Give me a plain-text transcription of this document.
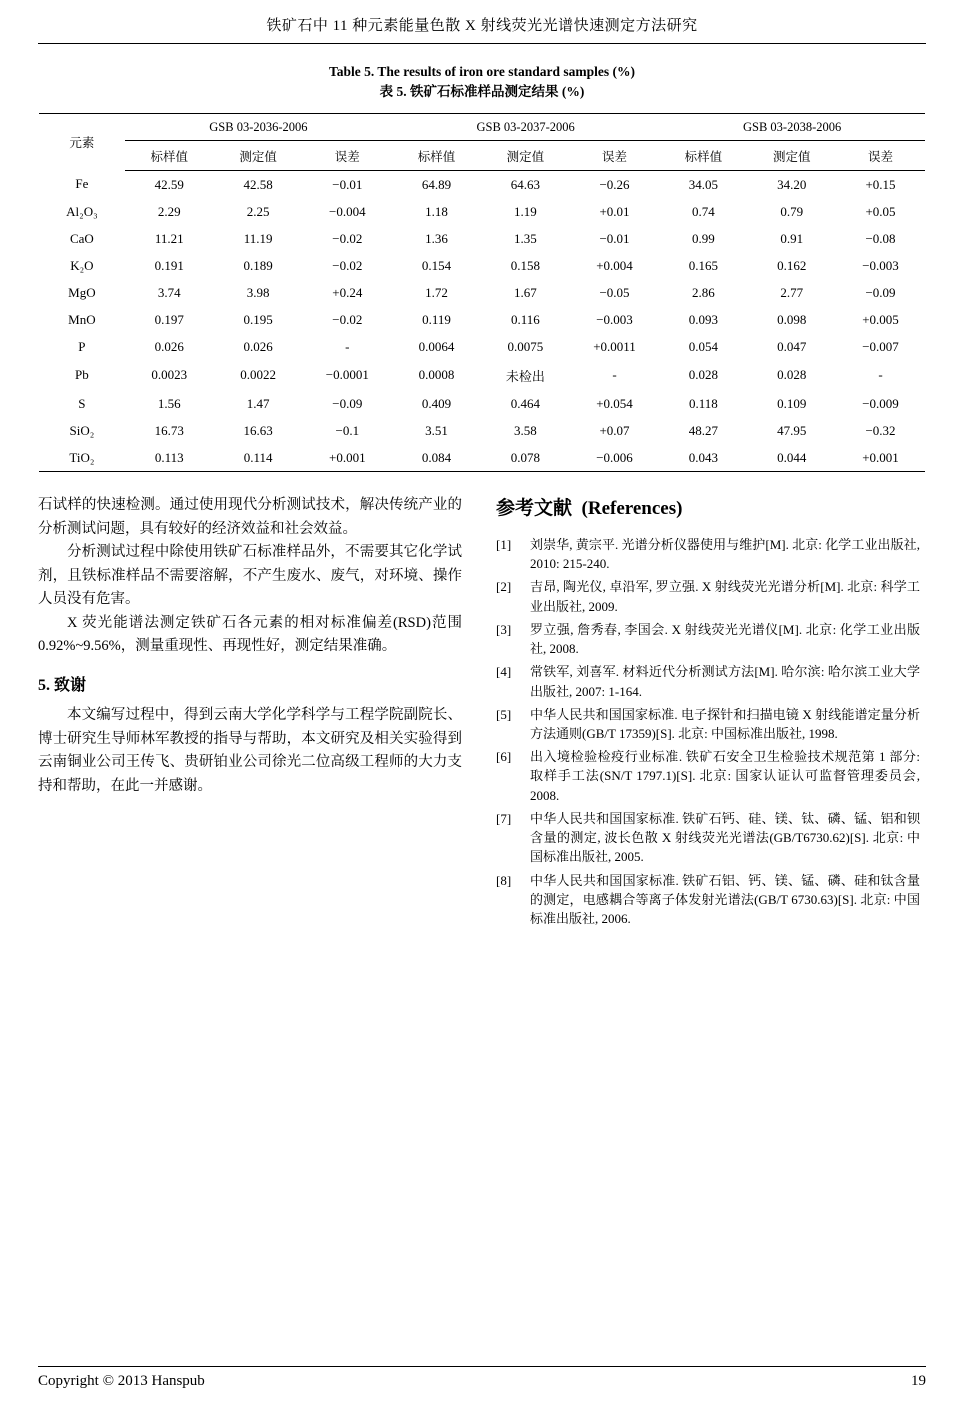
铁矿石中 11 种元素能量色散 X 射线荧光光谱快速测定方法研究
Table 5. The results of iron ore standard samples (%)
表 5. 铁矿石标准样品测定结果 (%)
元素	GSB 03-2036-2006			GSB 03-2037-2006			GSB 03-2038-2006		
	标样值	测定值	误差	标样值	测定值	误差	标样值	测定值	误差
Fe	42.59	42.58	−0.01	64.89	64.63	−0.26	34.05	34.20	+0.15
Al₂O₃	2.29	2.25	−0.004	1.18	1.19	+0.01	0.74	0.79	+0.05
CaO	11.21	11.19	−0.02	1.36	1.35	−0.01	0.99	0.91	−0.08
K₂O	0.191	0.189	−0.02	0.154	0.158	+0.004	0.165	0.162	−0.003
MgO	3.74	3.98	+0.24	1.72	1.67	−0.05	2.86	2.77	−0.09
MnO	0.197	0.195	−0.02	0.119	0.116	−0.003	0.093	0.098	+0.005
P	0.026	0.026	-	0.0064	0.0075	+0.0011	0.054	0.047	−0.007
Pb	0.0023	0.0022	−0.0001	0.0008	未检出	-	0.028	0.028	-
S	1.56	1.47	−0.09	0.409	0.464	+0.054	0.118	0.109	−0.009
SiO₂	16.73	16.63	−0.1	3.51	3.58	+0.07	48.27	47.95	−0.32
TiO₂	0.113	0.114	+0.001	0.084	0.078	−0.006	0.043	0.044	+0.001

石试样的快速检测。通过使用现代分析测试技术，解决传统产业的分析测试问题，具有较好的经济效益和社会效益。

分析测试过程中除使用铁矿石标准样品外，不需要其它化学试剂，且铁标准样品不需要溶解，不产生废水、废气，对环境、操作人员没有危害。

X 荧光能谱法测定铁矿石各元素的相对标准偏差(RSD)范围 0.92%~9.56%，测量重现性、再现性好，测定结果准确。

5. 致谢

本文编写过程中，得到云南大学化学科学与工程学院副院长、博士研究生导师林军教授的指导与帮助，本文研究及相关实验得到云南铜业公司王传飞、贵研铂业公司徐光二位高级工程师的大力支持和帮助，在此一并感谢。

参考文献 (References)
[1]	刘崇华, 黄宗平. 光谱分析仪器使用与维护[M]. 北京: 化学工业出版社, 2010: 215-240.
[2]	吉昂, 陶光仪, 卓沿军, 罗立强. X 射线荧光光谱分析[M]. 北京: 科学工业出版社, 2009.
[3]	罗立强, 詹秀春, 李国会. X 射线荧光光谱仪[M]. 北京: 化学工业出版社, 2008.
[4]	常铁军, 刘喜军. 材料近代分析测试方法[M]. 哈尔滨: 哈尔滨工业大学出版社, 2007: 1-164.
[5]	中华人民共和国国家标准. 电子探针和扫描电镜 X 射线能谱定量分析方法通则(GB/T 17359)[S]. 北京: 中国标准出版社, 1998.
[6]	出入境检验检疫行业标准. 铁矿石安全卫生检验技术规范第 1 部分: 取样手工法(SN/T 1797.1)[S]. 北京: 国家认证认可监督管理委员会, 2008.
[7]	中华人民共和国国家标准. 铁矿石钙、硅、镁、钛、磷、锰、铝和钡含量的测定, 波长色散 X 射线荧光光谱法(GB/T6730.62)[S]. 北京: 中国标准出版社, 2005.
[8]	中华人民共和国国家标准. 铁矿石铝、钙、镁、锰、磷、硅和钛含量的测定，电感耦合等离子体发射光谱法(GB/T 6730.63)[S]. 北京: 中国标准出版社, 2006.
Copyright © 2013 Hanspub	19
